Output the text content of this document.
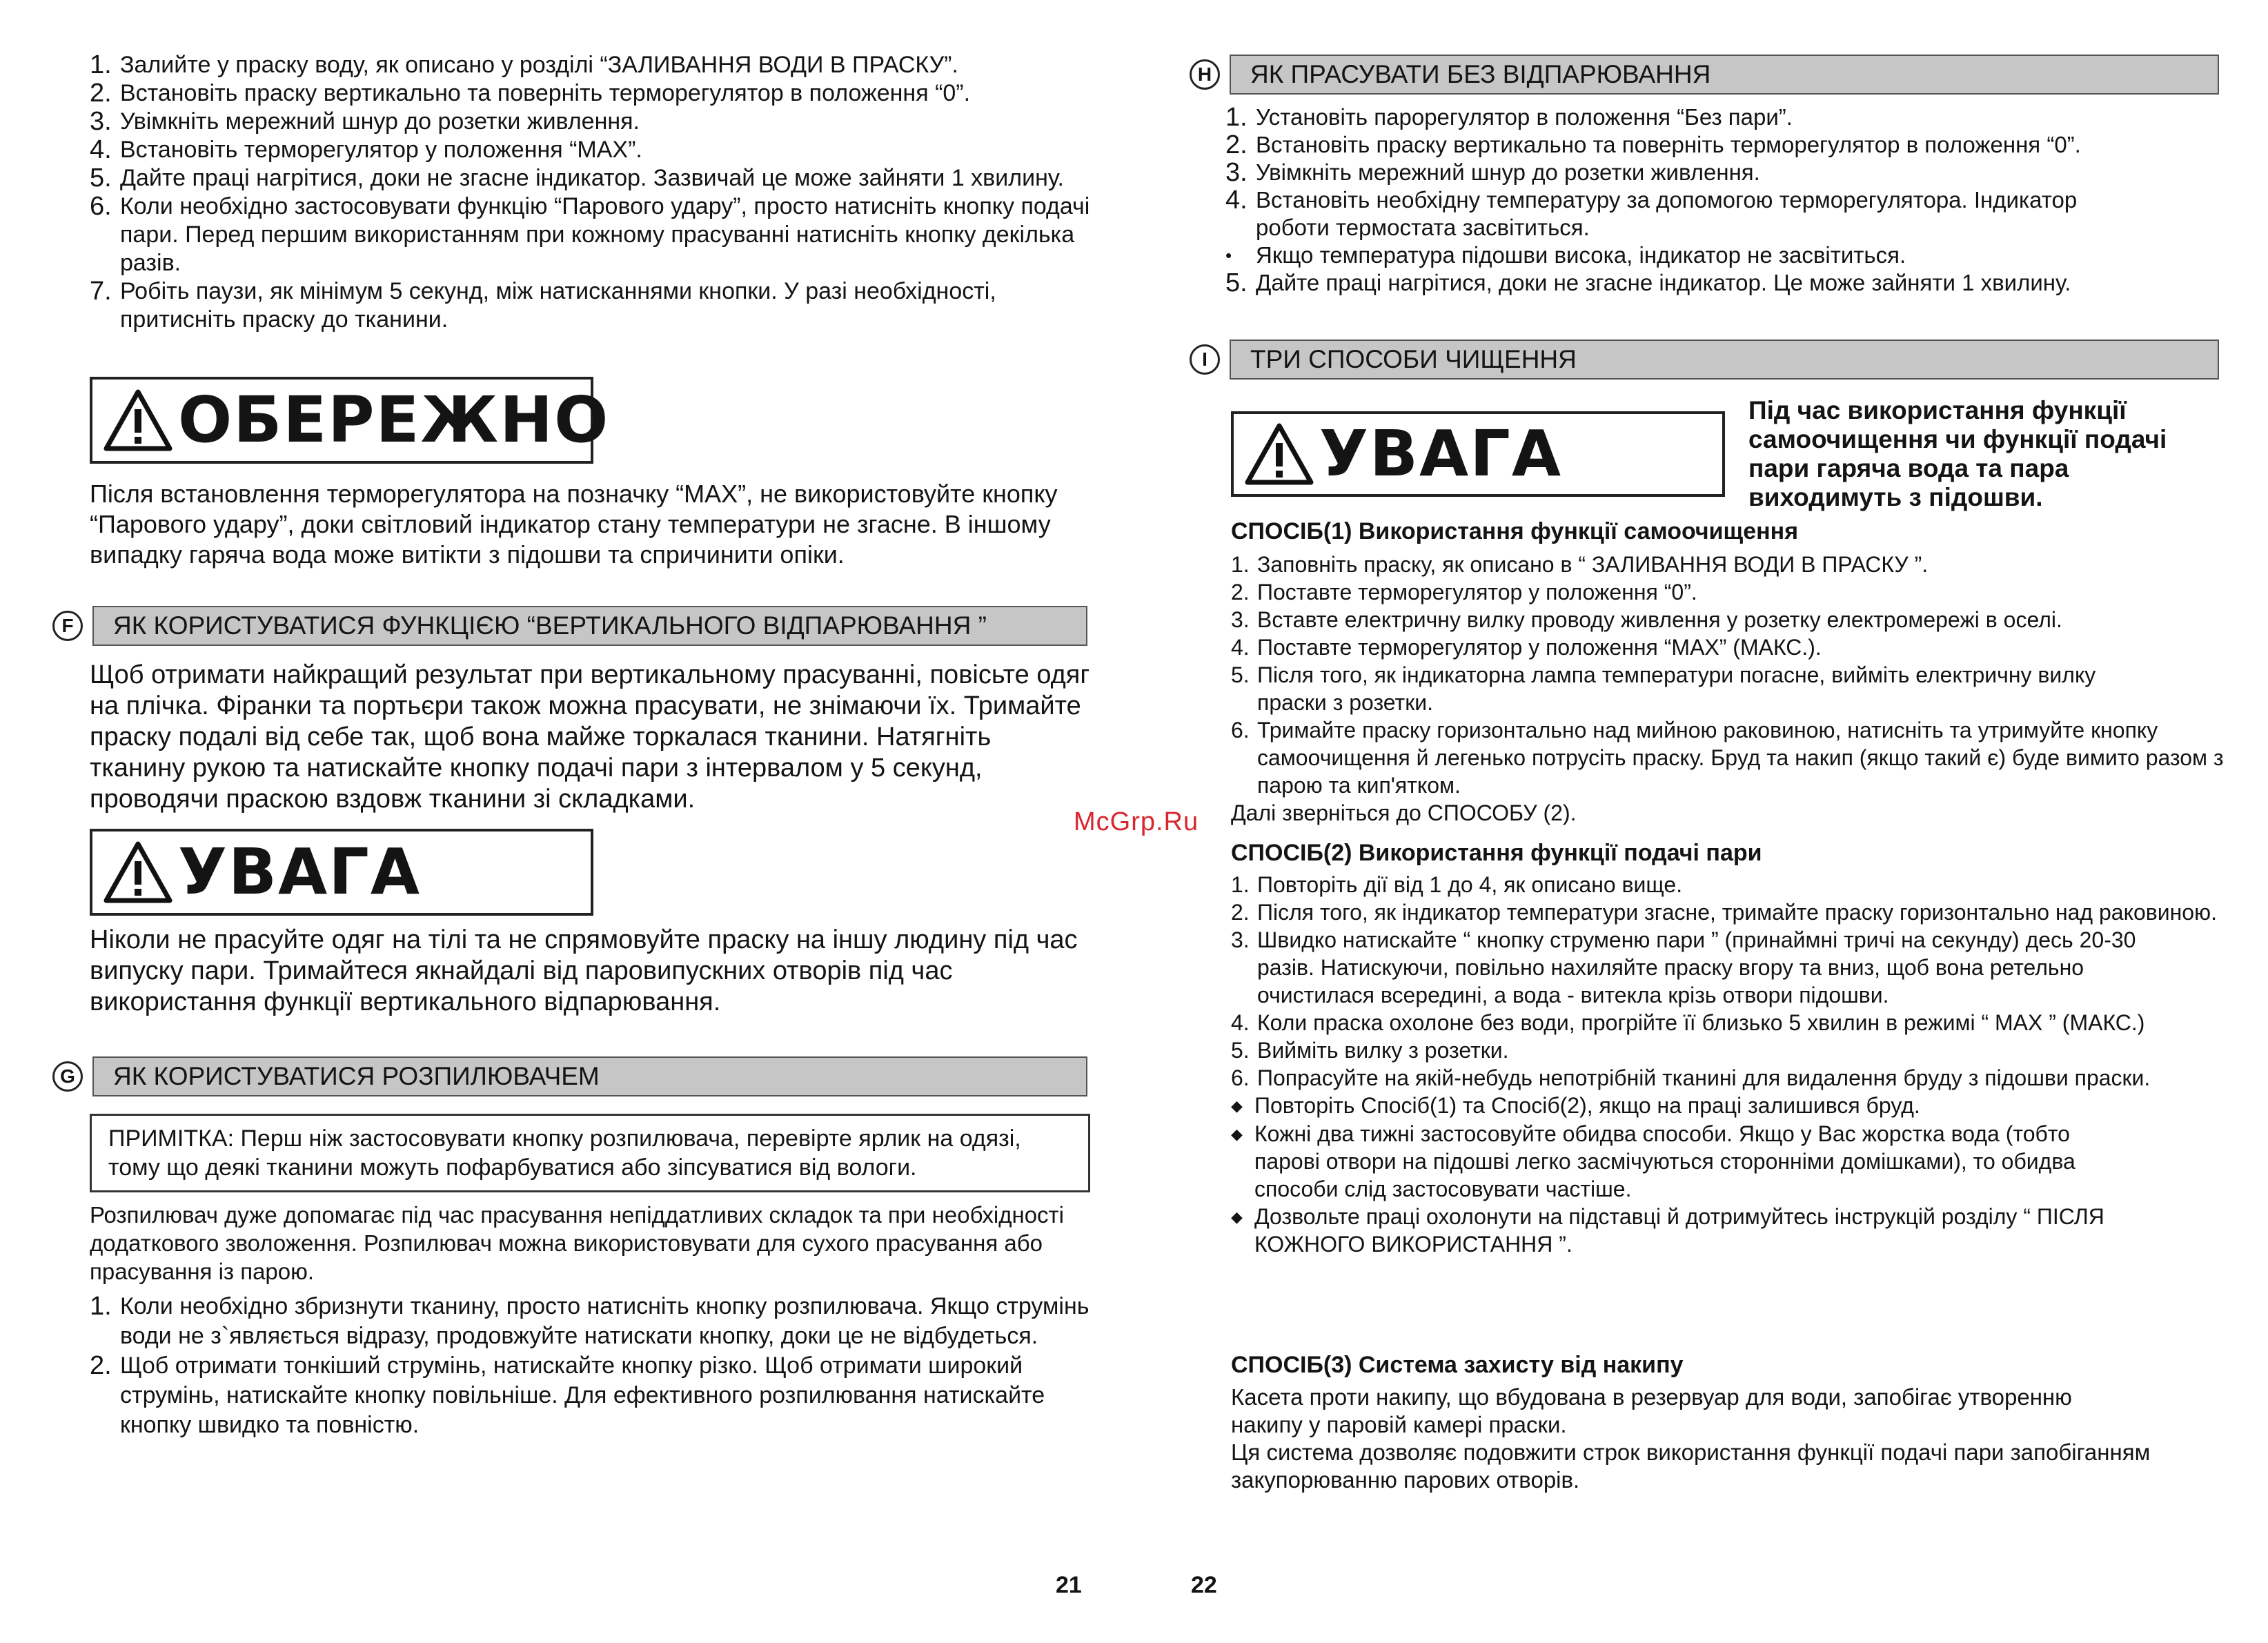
1. Залийте у праску воду, як описано у розділі “ЗАЛИВАННЯ ВОДИ В ПРАСКУ”.
2. Встановіть праску вертикально та поверніть терморегулятор в положення “0”.
3. Увімкніть мережний шнур до розетки живлення.
4. Встановіть терморегулятор у положення “MAX”.
5. Дайте праці нагрітися, доки не згасне індикатор. Зазвичай це може зайняти 1 хвилину.
6. Коли необхідно застосовувати функцію “Парового удару”, просто натисніть кнопку подачі пари. Перед першим використанням при кожному прасуванні натисніть кнопку декілька разів.
7. Робіть паузи, як мінімум 5 секунд, між натисканнями кнопки. У разі необхідності, притисніть праску до тканини.
ОБЕРЕЖНО
Після встановлення терморегулятора на позначку “MAX”, не використовуйте кнопку “Парового удару”, доки світловий індикатор стану температури не згасне. В іншому випадку гаряча вода може витікти з підошви та спричинити опіки.
F	ЯК КОРИСТУВАТИСЯ ФУНКЦІЄЮ “ВЕРТИКАЛЬНОГО ВІДПАРЮВАННЯ ”
Щоб отримати найкращий результат при вертикальному прасуванні, повісьте одяг на плічка. Фіранки та портьєри також можна прасувати, не знімаючи їх. Тримайте праску подалі від себе так, щоб вона майже торкалася тканини. Натягніть тканину рукою та натискайте кнопку подачі пари з інтервалом у 5 секунд, проводячи праскою вздовж тканини зі складками.
УВАГА
Ніколи не прасуйте одяг на тілі та не спрямовуйте праску на іншу людину під час випуску пари. Тримайтеся якнайдалі від паровипускних отворів під час використання функції вертикального відпарювання.
G	ЯК КОРИСТУВАТИСЯ РОЗПИЛЮВАЧЕМ
ПРИМІТКА: Перш ніж застосовувати кнопку розпилювача, перевірте ярлик на одязі, тому що деякі тканини можуть пофарбуватися або зіпсуватися від вологи.
Розпилювач дуже допомагає під час прасування непіддатливих складок та при необхідності додаткового зволоження. Розпилювач можна використовувати для сухого прасування або прасування із парою.
1. Коли необхідно збризнути тканину, просто натисніть кнопку розпилювача. Якщо струмінь води не з`являється відразу, продовжуйте натискати кнопку, доки це не відбудеться.
2. Щоб отримати тонкіший струмінь, натискайте кнопку різко. Щоб отримати широкий струмінь, натискайте кнопку повільніше. Для ефективного розпилювання натискайте кнопку швидко та повністю.
21
H	ЯК ПРАСУВАТИ БЕЗ ВІДПАРЮВАННЯ
1. Установіть парорегулятор в положення “Без пари”.
2. Встановіть праску вертикально та поверніть терморегулятор в положення “0”.
3. Увімкніть мережний шнур до розетки живлення.
4. Встановіть необхідну температуру за допомогою терморегулятора. Індикатор роботи термостата засвітиться.
•	Якщо температура підошви висока, індикатор не засвітиться.
5. Дайте праці нагрітися, доки не згасне індикатор. Це може зайняти 1 хвилину.
I	ТРИ СПОСОБИ ЧИЩЕННЯ
УВАГА
Під час використання функції самоочищення чи функції подачі пари гаряча вода та пара виходимуть з підошви.
СПОСІБ(1) Використання функції самоочищення
1. Заповніть праску, як описано в “ ЗАЛИВАННЯ ВОДИ В ПРАСКУ ”.
2. Поставте терморегулятор у положення “0”.
3. Вставте електричну вилку проводу живлення у розетку електромережі в оселі.
4. Поставте терморегулятор у положення “MAX” (МАКС.).
5. Після того, як індикаторна лампа температури погасне, вийміть електричну вилку праски з розетки.
6. Тримайте праску горизонтально над мийною раковиною, натисніть та утримуйте кнопку самоочищення й легенько потрусіть праску. Бруд та накип (якщо такий є) буде вимито разом з парою та кип'ятком.
Далі зверніться до СПОСОБУ (2).
СПОСІБ(2) Використання функції подачі пари
1. Повторіть дії від 1 до 4, як описано вище.
2. Після того, як індикатор температури згасне, тримайте праску горизонтально над раковиною.
3. Швидко натискайте “ кнопку струменю пари ” (принаймні тричі на секунду) десь 20-30 разів. Натискуючи, повільно нахиляйте праску вгору та вниз, щоб вона ретельно очистилася всередині, а вода - витекла крізь отвори підошви.
4. Коли праска охолоне без води, прогрійте її близько 5 хвилин в режимі “ MAX ” (МАКС.)
5. Вийміть вилку з розетки.
6. Попрасуйте на якій-небудь непотрібній тканині для видалення бруду з підошви праски.
◆ Повторіть Спосіб(1) та Спосіб(2), якщо на праці залишився бруд.
◆ Кожні два тижні застосовуйте обидва способи. Якщо у Вас жорстка вода (тобто парові отвори на підошві легко засмічуються сторонніми домішками), то обидва способи слід застосовувати частіше.
◆ Дозвольте праці охолонути на підставці й дотримуйтесь інструкцій розділу “ ПІСЛЯ КОЖНОГО ВИКОРИСТАННЯ ”.
СПОСІБ(3) Система захисту від накипу
Касета проти накипу, що вбудована в резервуар для води, запобігає утворенню накипу у паровій камері праски.
Ця система дозволяє подовжити строк використання функції подачі пари запобіганням закупорюванню парових отворів.
22
McGrp.Ru
